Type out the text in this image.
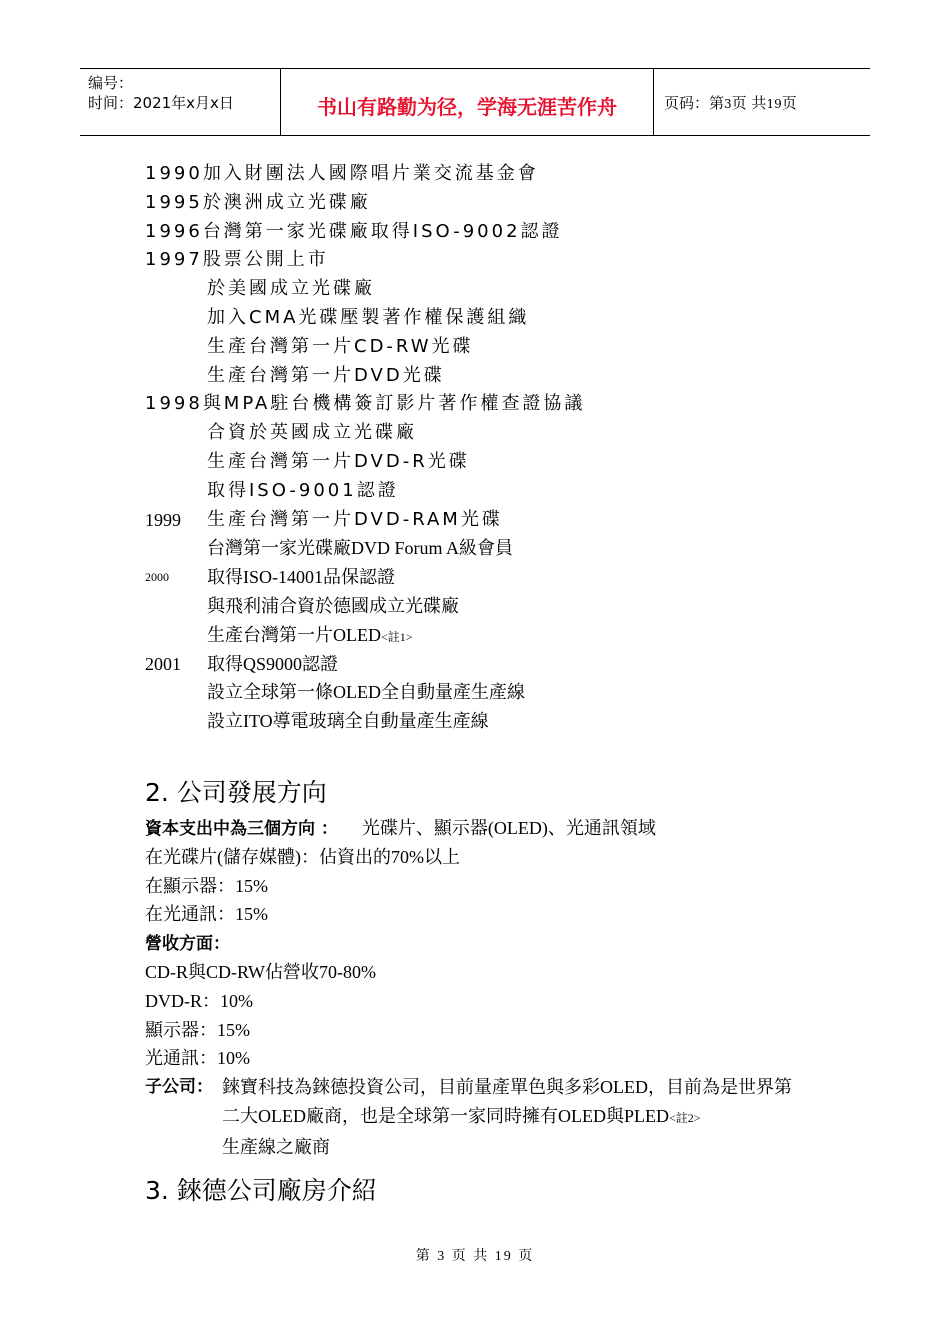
编号：
时间：2021年x月x日	书山有路勤为径，学海无涯苦作舟	页码：第3页 共19页
1990加入財團法人國際唱片業交流基金會
1995於澳洲成立光碟廠
1996台灣第一家光碟廠取得ISO-9002認證
1997股票公開上市
於美國成立光碟廠
加入CMA光碟壓製著作權保護組織
生產台灣第一片CD-RW光碟
生產台灣第一片DVD光碟
1998與MPA駐台機構簽訂影片著作權查證協議
合資於英國成立光碟廠
生產台灣第一片DVD-R光碟
取得ISO-9001認證
1999 生產台灣第一片DVD-RAM光碟
台灣第一家光碟廠DVD Forum A級會員
2000 取得ISO-14001品保認證
與飛利浦合資於德國成立光碟廠
生產台灣第一片OLED<註1>
2001 取得QS9000認證
設立全球第一條OLED全自動量產生產線
設立ITO導電玻璃全自動量產生產線
2. 公司發展方向
資本支出中為三個方向 ： 光碟片、顯示器(OLED)、光通訊領域
在光碟片(儲存媒體)：佔資出的70%以上
在顯示器：15%
在光通訊：15%
營收方面：
CD-R與CD-RW佔營收70-80%
DVD-R：10%
顯示器：15%
光通訊：10%
子公司： 錸寶科技為錸德投資公司，目前量產單色與多彩OLED，目前為是世界第二大OLED廠商，也是全球第一家同時擁有OLED與PLED<註2>
生產線之廠商
3. 錸德公司廠房介紹
第 3 页 共 19 页
